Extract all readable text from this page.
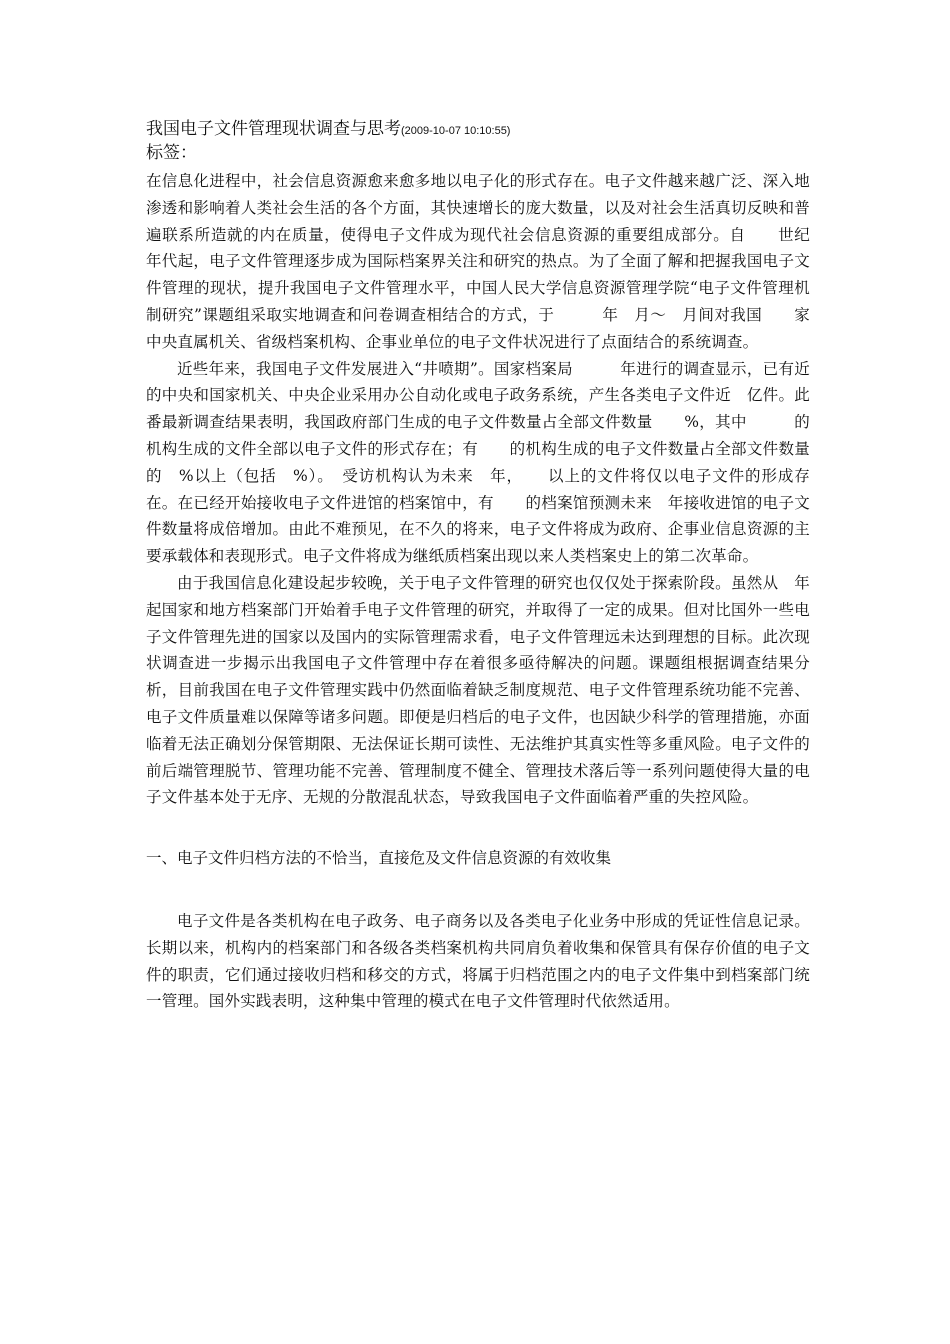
我国电子文件管理现状调查与思考(2009-10-07 10:10:55)
标签：

在信息化进程中，社会信息资源愈来愈多地以电子化的形式存在。电子文件越来越广泛、深入地渗透和影响着人类社会生活的各个方面，其快速增长的庞大数量，以及对社会生活真切反映和普遍联系所造就的内在质量，使得电子文件成为现代社会信息资源的重要组成部分。自　　世纪　　年代起，电子文件管理逐步成为国际档案界关注和研究的热点。为了全面了解和把握我国电子文件管理的现状，提升我国电子文件管理水平，中国人民大学信息资源管理学院“电子文件管理机制研究”课题组采取实地调查和问卷调查相结合的方式，于　　　年　月～　月间对我国　　家中央直属机关、省级档案机构、企事业单位的电子文件状况进行了点面结合的系统调查。

近些年来，我国电子文件发展进入“井喷期”。国家档案局　　　年进行的调查显示，已有近　　的中央和国家机关、中央企业采用办公自动化或电子政务系统，产生各类电子文件近　亿件。此番最新调查结果表明，我国政府部门生成的电子文件数量占全部文件数量　　%，其中　　　的机构生成的文件全部以电子文件的形式存在；有　　的机构生成的电子文件数量占全部文件数量的　%以上（包括　%）。　受访机构认为未来　年，　　以上的文件将仅以电子文件的形成存在。在已经开始接收电子文件进馆的档案馆中，有　　的档案馆预测未来　年接收进馆的电子文件数量将成倍增加。由此不难预见，在不久的将来，电子文件将成为政府、企事业信息资源的主要承载体和表现形式。电子文件将成为继纸质档案出现以来人类档案史上的第二次革命。

由于我国信息化建设起步较晚，关于电子文件管理的研究也仅仅处于探索阶段。虽然从　年起国家和地方档案部门开始着手电子文件管理的研究，并取得了一定的成果。但对比国外一些电子文件管理先进的国家以及国内的实际管理需求看，电子文件管理远未达到理想的目标。此次现状调查进一步揭示出我国电子文件管理中存在着很多亟待解决的问题。课题组根据调查结果分析，目前我国在电子文件管理实践中仍然面临着缺乏制度规范、电子文件管理系统功能不完善、电子文件质量难以保障等诸多问题。即便是归档后的电子文件，也因缺少科学的管理措施，亦面临着无法正确划分保管期限、无法保证长期可读性、无法维护其真实性等多重风险。电子文件的前后端管理脱节、管理功能不完善、管理制度不健全、管理技术落后等一系列问题使得大量的电子文件基本处于无序、无规的分散混乱状态，导致我国电子文件面临着严重的失控风险。

一、电子文件归档方法的不恰当，直接危及文件信息资源的有效收集

电子文件是各类机构在电子政务、电子商务以及各类电子化业务中形成的凭证性信息记录。长期以来，机构内的档案部门和各级各类档案机构共同肩负着收集和保管具有保存价值的电子文件的职责，它们通过接收归档和移交的方式，将属于归档范围之内的电子文件集中到档案部门统一管理。国外实践表明，这种集中管理的模式在电子文件管理时代依然适用。
